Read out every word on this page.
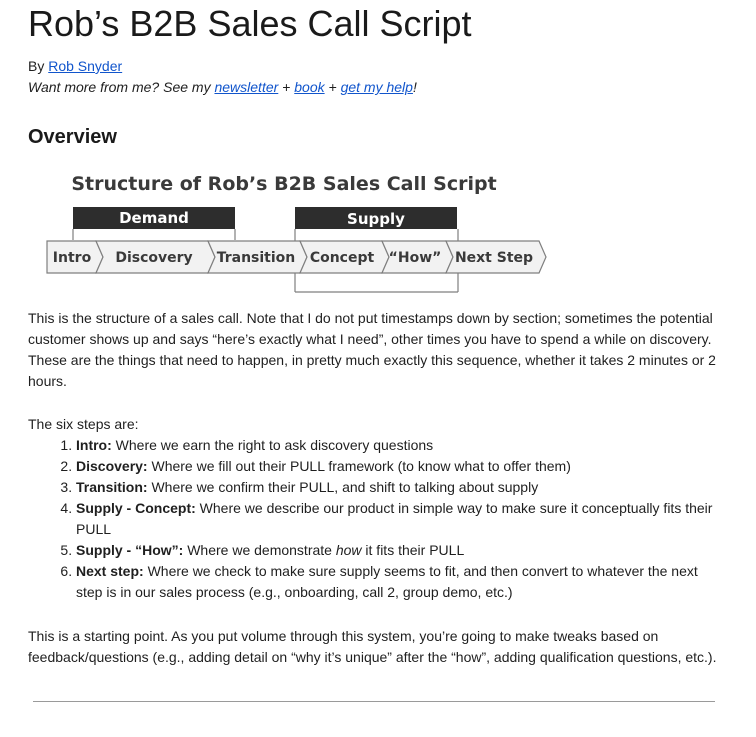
Rob’s B2B Sales Call Script
By Rob Snyder
Want more from me? See my newsletter + book + get my help!
Overview
Structure of Rob’s B2B Sales Call Script
Demand	Supply
Intro Discovery Transition Concept “How” Next Step

This is the structure of a sales call. Note that I do not put timestamps down by section; sometimes the potential customer shows up and says “here’s exactly what I need”, other times you have to spend a while on discovery. These are the things that need to happen, in pretty much exactly this sequence, whether it takes 2 minutes or 2 hours.

The six steps are:

1. Intro: Where we earn the right to ask discovery questions
2. Discovery: Where we fill out their PULL framework (to know what to offer them)
3. Transition: Where we confirm their PULL, and shift to talking about supply
4. Supply - Concept: Where we describe our product in simple way to make sure it conceptually fits their PULL
5. Supply - “How”: Where we demonstrate how it fits their PULL
6. Next step: Where we check to make sure supply seems to fit, and then convert to whatever the next step is in our sales process (e.g., onboarding, call 2, group demo, etc.)

This is a starting point. As you put volume through this system, you’re going to make tweaks based on feedback/questions (e.g., adding detail on “why it’s unique” after the “how”, adding qualification questions, etc.).
